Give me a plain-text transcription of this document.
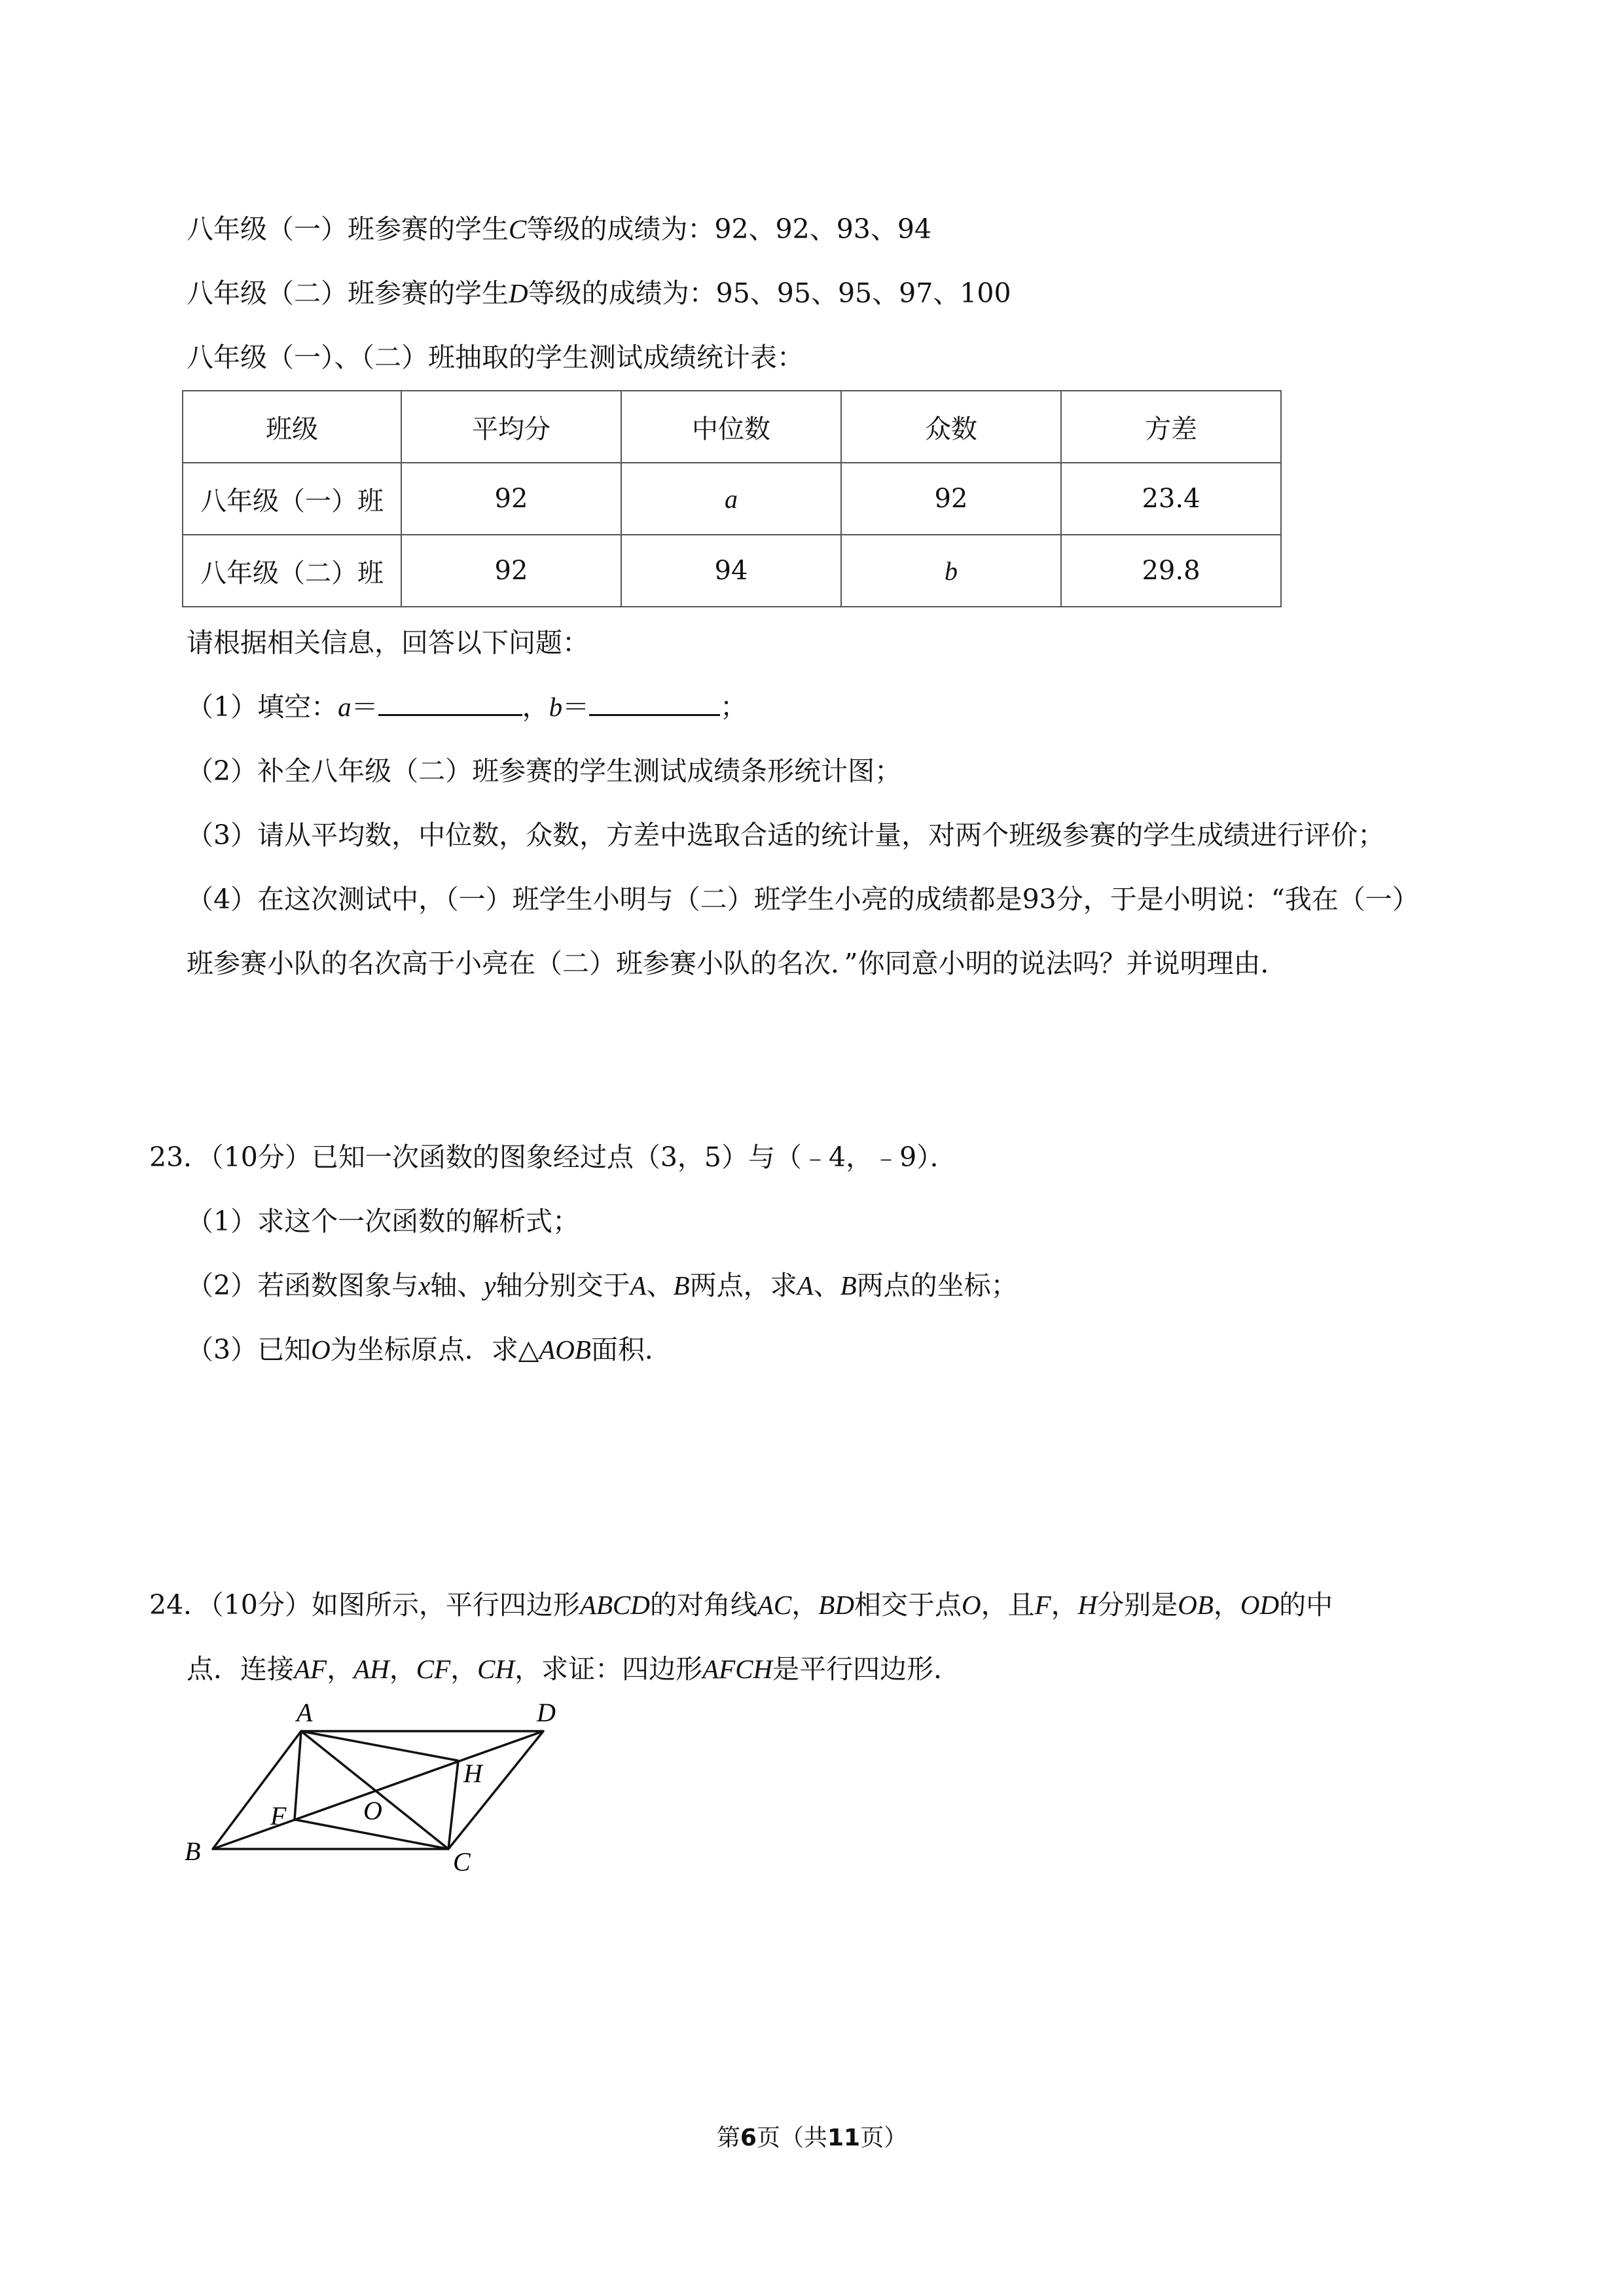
八年级（一）班参赛的学生C等级的成绩为：92、92、93、94
八年级（二）班参赛的学生D等级的成绩为：95、95、95、97、100
八年级（一）、（二）班抽取的学生测试成绩统计表：
班级	平均分	中位数	众数	方差
八年级（一）班	92	a	92	23.4
八年级（二）班	92	94	b	29.8
请根据相关信息，回答以下问题：
（1）填空：a＝	，b＝	；
（2）补全八年级（二）班参赛的学生测试成绩条形统计图；
（3）请从平均数，中位数，众数，方差中选取合适的统计量，对两个班级参赛的学生成绩进行评价；
（4）在这次测试中，（一）班学生小明与（二）班学生小亮的成绩都是93分，于是小明说：“我在（一）
班参赛小队的名次高于小亮在（二）班参赛小队的名次．”你同意小明的说法吗？并说明理由．
23．（10分）已知一次函数的图象经过点（3，5）与（﹣4，﹣9）．
（1）求这个一次函数的解析式；
（2）若函数图象与x轴、y轴分别交于A、B两点，求A、B两点的坐标；
（3）已知O为坐标原点．求△AOB面积．
24．（10分）如图所示，平行四边形ABCD的对角线AC，BD相交于点O，且F，H分别是OB，OD的中
点．连接AF，AH，CF，CH，求证：四边形AFCH是平行四边形．
A	D
H
F	O
B	C
第6页（共11页）
